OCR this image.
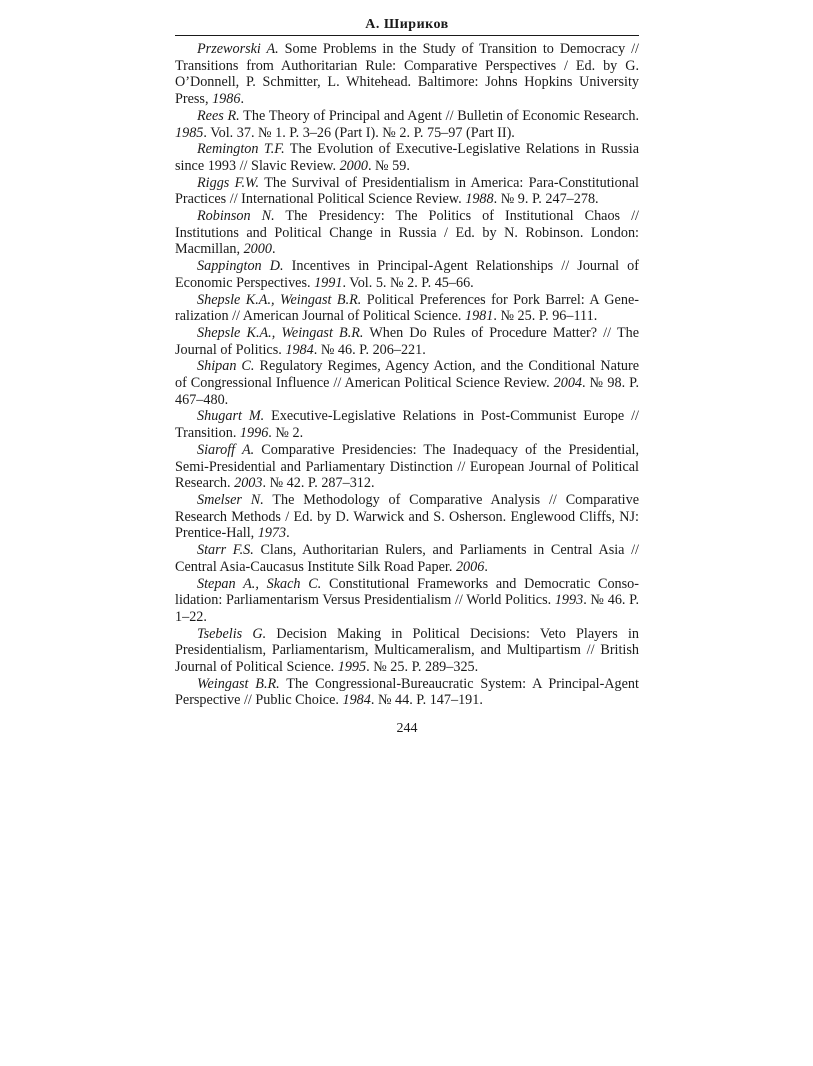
А. Шириков

Przeworski A. Some Problems in the Study of Transition to Democracy // Transitions from Authoritarian Rule: Comparative Perspectives / Ed. by G. O’Donnell, P. Schmitter, L. Whitehead. Baltimore: Johns Hopkins University Press, 1986.

Rees R. The Theory of Principal and Agent // Bulletin of Economic Research. 1985. Vol. 37. № 1. P. 3–26 (Part I). № 2. P. 75–97 (Part II).

Remington T.F. The Evolution of Executive-Legislative Relations in Russia since 1993 // Slavic Review. 2000. № 59.

Riggs F.W. The Survival of Presidentialism in America: Para-Constitutional Practices // International Political Science Review. 1988. № 9. P. 247–278.

Robinson N. The Presidency: The Politics of Institutional Chaos // Institutions and Political Change in Russia / Ed. by N. Robinson. London: Macmillan, 2000.

Sappington D. Incentives in Principal-Agent Relationships // Journal of Economic Perspectives. 1991. Vol. 5. № 2. P. 45–66.

Shepsle K.A., Weingast B.R. Political Preferences for Pork Barrel: A Generalization // American Journal of Political Science. 1981. № 25. P. 96–111.

Shepsle K.A., Weingast B.R. When Do Rules of Procedure Matter? // The Journal of Politics. 1984. № 46. P. 206–221.

Shipan C. Regulatory Regimes, Agency Action, and the Conditional Nature of Congressional Influence // American Political Science Review. 2004. № 98. P. 467–480.

Shugart M. Executive-Legislative Relations in Post-Communist Europe // Transition. 1996. № 2.

Siaroff A. Comparative Presidencies: The Inadequacy of the Presidential, Semi-Presidential and Parliamentary Distinction // European Journal of Political Research. 2003. № 42. P. 287–312.

Smelser N. The Methodology of Comparative Analysis // Comparative Research Methods / Ed. by D. Warwick and S. Osherson. Englewood Cliffs, NJ: Prentice-Hall, 1973.

Starr F.S. Clans, Authoritarian Rulers, and Parliaments in Central Asia // Central Asia-Caucasus Institute Silk Road Paper. 2006.

Stepan A., Skach C. Constitutional Frameworks and Democratic Consolidation: Parliamentarism Versus Presidentialism // World Politics. 1993. № 46. P. 1–22.

Tsebelis G. Decision Making in Political Decisions: Veto Players in Presidentialism, Parliamentarism, Multicameralism, and Multipartism // British Journal of Political Science. 1995. № 25. P. 289–325.

Weingast B.R. The Congressional-Bureaucratic System: A Principal-Agent Perspective // Public Choice. 1984. № 44. P. 147–191.

244
